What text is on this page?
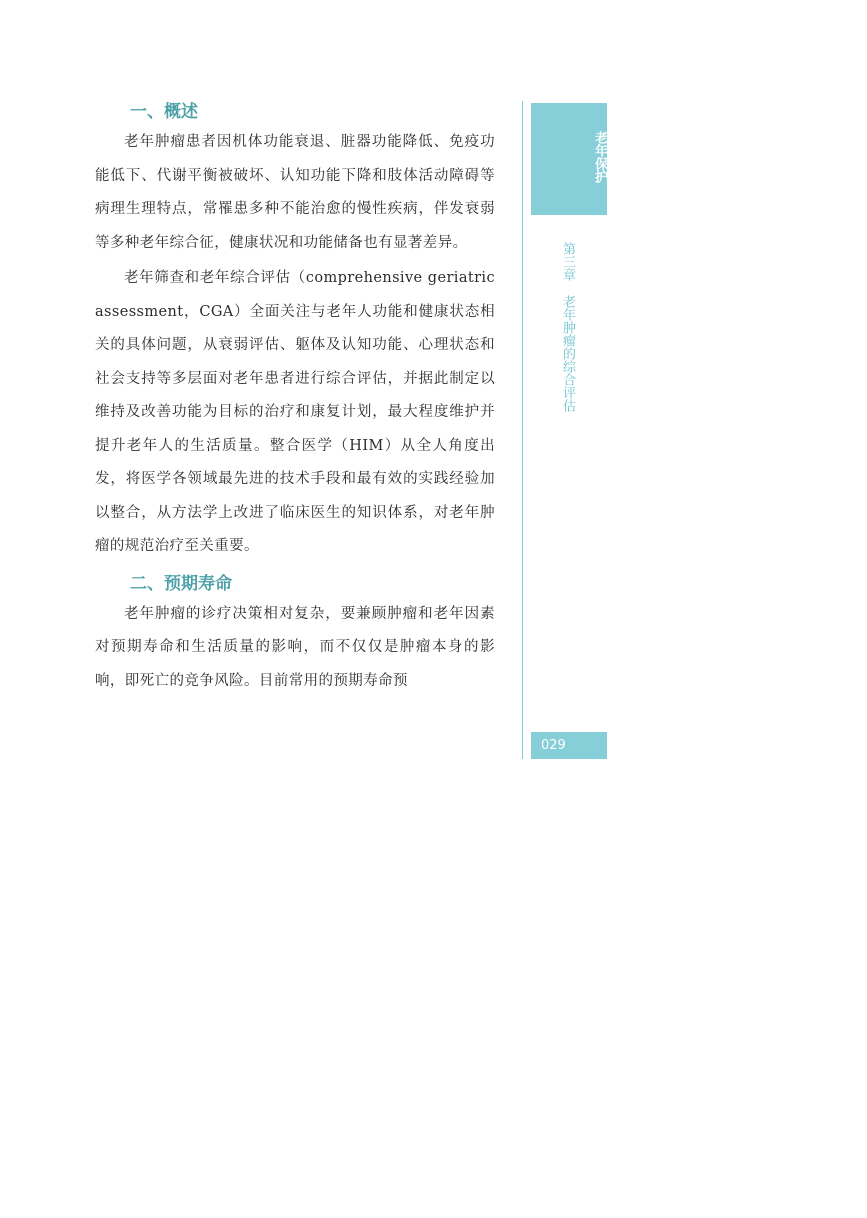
一、概述

老年肿瘤患者因机体功能衰退、脏器功能降低、免疫功能低下、代谢平衡被破坏、认知功能下降和肢体活动障碍等病理生理特点，常罹患多种不能治愈的慢性疾病，伴发衰弱等多种老年综合征，健康状况和功能储备也有显著差异。

老年筛查和老年综合评估（comprehensive geriatric assessment，CGA）全面关注与老年人功能和健康状态相关的具体问题，从衰弱评估、躯体及认知功能、心理状态和社会支持等多层面对老年患者进行综合评估，并据此制定以维持及改善功能为目标的治疗和康复计划，最大程度维护并提升老年人的生活质量。整合医学（HIM）从全人角度出发，将医学各领域最先进的技术手段和最有效的实践经验加以整合，从方法学上改进了临床医生的知识体系，对老年肿瘤的规范治疗至关重要。

二、预期寿命

老年肿瘤的诊疗决策相对复杂，要兼顾肿瘤和老年因素对预期寿命和生活质量的影响，而不仅仅是肿瘤本身的影响，即死亡的竞争风险。目前常用的预期寿命预

老年保护
第三章老年肿瘤的综合评估
029
